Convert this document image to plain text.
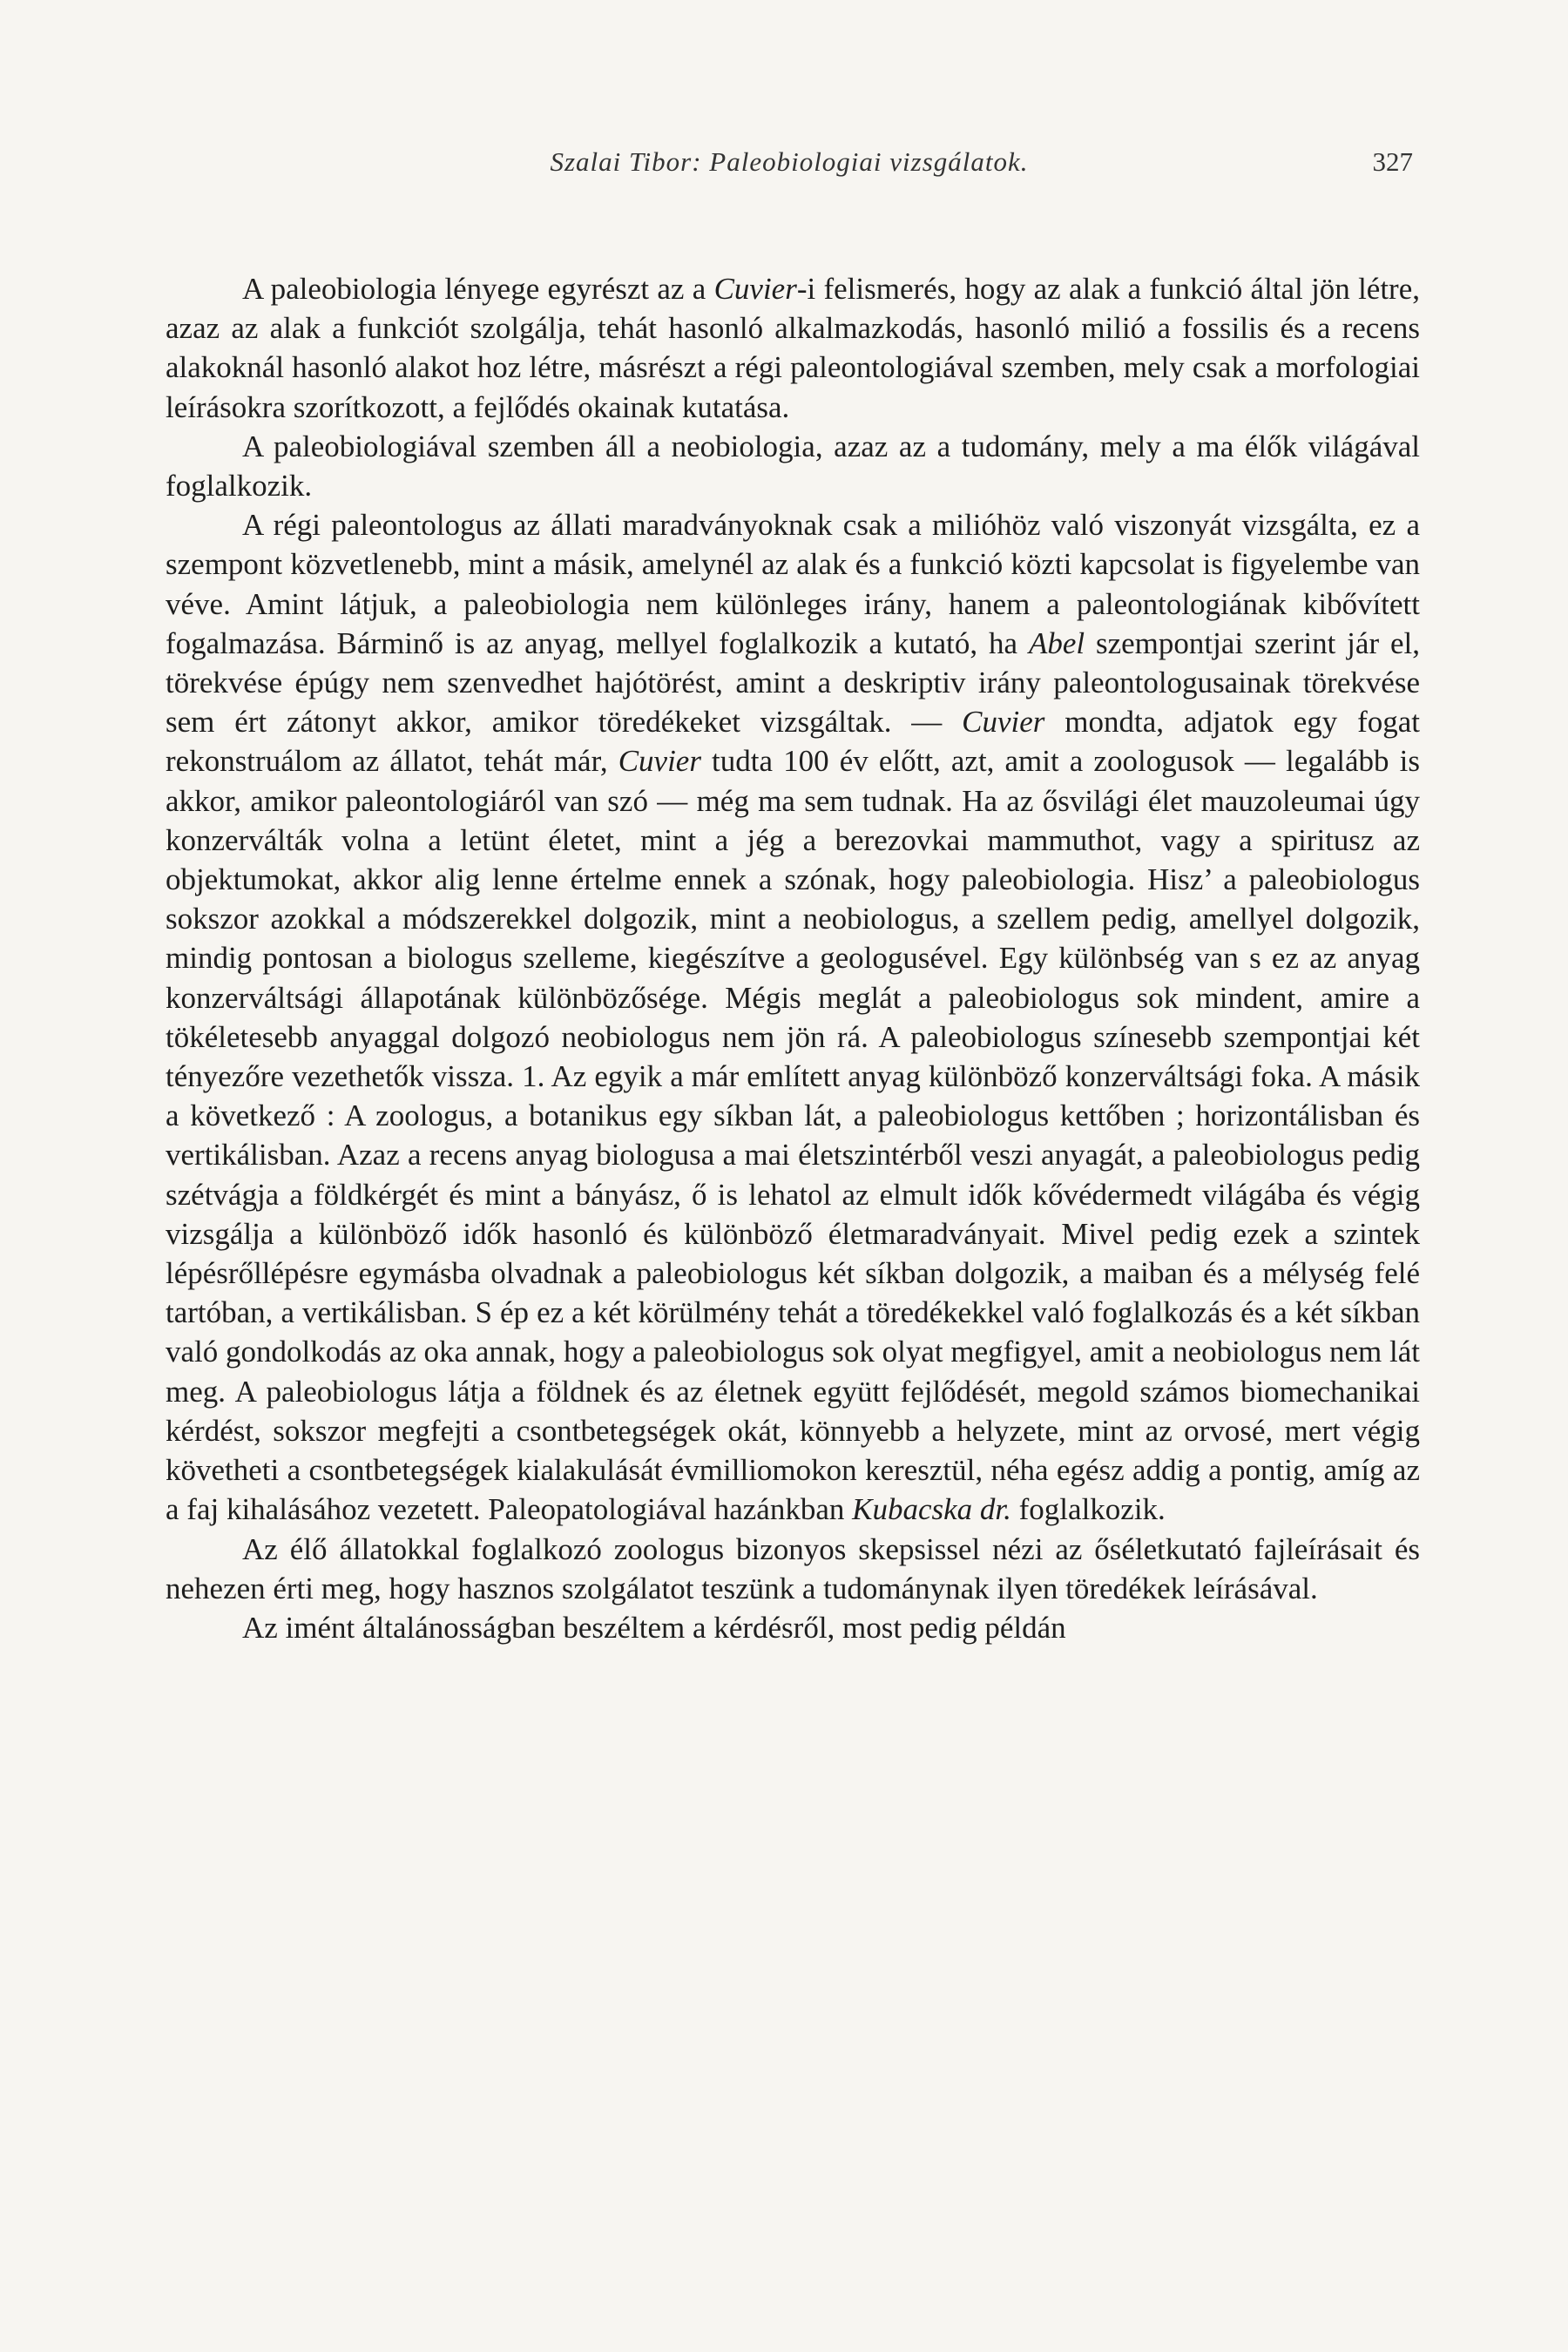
Szalai Tibor: Paleobiologiai vizsgálatok.	327

A paleobiologia lényege egyrészt az a Cuvier-i felismerés, hogy az alak a funkció által jön létre, azaz az alak a funkciót szolgálja, tehát hasonló alkalmazkodás, hasonló milió a fossilis és a recens alakoknál hasonló alakot hoz létre, másrészt a régi paleontologiával szemben, mely csak a morfologiai leírásokra szorítkozott, a fejlődés okainak kutatása.

A paleobiologiával szemben áll a neobiologia, azaz az a tudomány, mely a ma élők világával foglalkozik.

A régi paleontologus az állati maradványoknak csak a milióhöz való viszonyát vizsgálta, ez a szempont közvetlenebb, mint a másik, amelynél az alak és a funkció közti kapcsolat is figyelembe van véve. Amint látjuk, a paleobiologia nem különleges irány, hanem a paleontologiának kibővített fogalmazása. Bárminő is az anyag, mellyel foglalkozik a kutató, ha Abel szempontjai szerint jár el, törekvése épúgy nem szenvedhet hajótörést, amint a deskriptiv irány paleontologusainak törekvése sem ért zátonyt akkor, amikor töredékeket vizsgáltak. — Cuvier mondta, adjatok egy fogat rekonstruálom az állatot, tehát már, Cuvier tudta 100 év előtt, azt, amit a zoologusok — legalább is akkor, amikor paleontologiáról van szó — még ma sem tudnak. Ha az ősvilági élet mauzoleumai úgy konzerválták volna a letünt életet, mint a jég a berezovkai mammuthot, vagy a spiritusz az objektumokat, akkor alig lenne értelme ennek a szónak, hogy paleobiologia. Hisz’ a paleobiologus sokszor azokkal a módszerekkel dolgozik, mint a neobiologus, a szellem pedig, amellyel dolgozik, mindig pontosan a biologus szelleme, kiegészítve a geologusével. Egy különbség van s ez az anyag konzerváltsági állapotának különbözősége. Mégis meglát a paleobiologus sok mindent, amire a tökéletesebb anyaggal dolgozó neobiologus nem jön rá. A paleobiologus színesebb szempontjai két tényezőre vezethetők vissza. 1. Az egyik a már említett anyag különböző konzerváltsági foka. A másik a következő : A zoologus, a botanikus egy síkban lát, a paleobiologus kettőben ; horizontálisban és vertikálisban. Azaz a recens anyag biologusa a mai életszintérből veszi anyagát, a paleobiologus pedig szétvágja a földkérgét és mint a bányász, ő is lehatol az elmult idők kővédermedt világába és végig vizsgálja a különböző idők hasonló és különböző életmaradványait. Mivel pedig ezek a szintek lépésrőllépésre egymásba olvadnak a paleobiologus két síkban dolgozik, a maiban és a mélység felé tartóban, a vertikálisban. S ép ez a két körülmény tehát a töredékekkel való foglalkozás és a két síkban való gondolkodás az oka annak, hogy a paleobiologus sok olyat megfigyel, amit a neobiologus nem lát meg. A paleobiologus látja a földnek és az életnek együtt fejlődését, megold számos biomechanikai kérdést, sokszor megfejti a csontbetegségek okát, könnyebb a helyzete, mint az orvosé, mert végig követheti a csontbetegségek kialakulását évmilliomokon keresztül, néha egész addig a pontig, amíg az a faj kihalásához vezetett. Paleopatologiával hazánkban Kubacska dr. foglalkozik.

Az élő állatokkal foglalkozó zoologus bizonyos skepsissel nézi az őséletkutató fajleírásait és nehezen érti meg, hogy hasznos szolgálatot teszünk a tudománynak ilyen töredékek leírásával.

Az imént általánosságban beszéltem a kérdésről, most pedig példán
